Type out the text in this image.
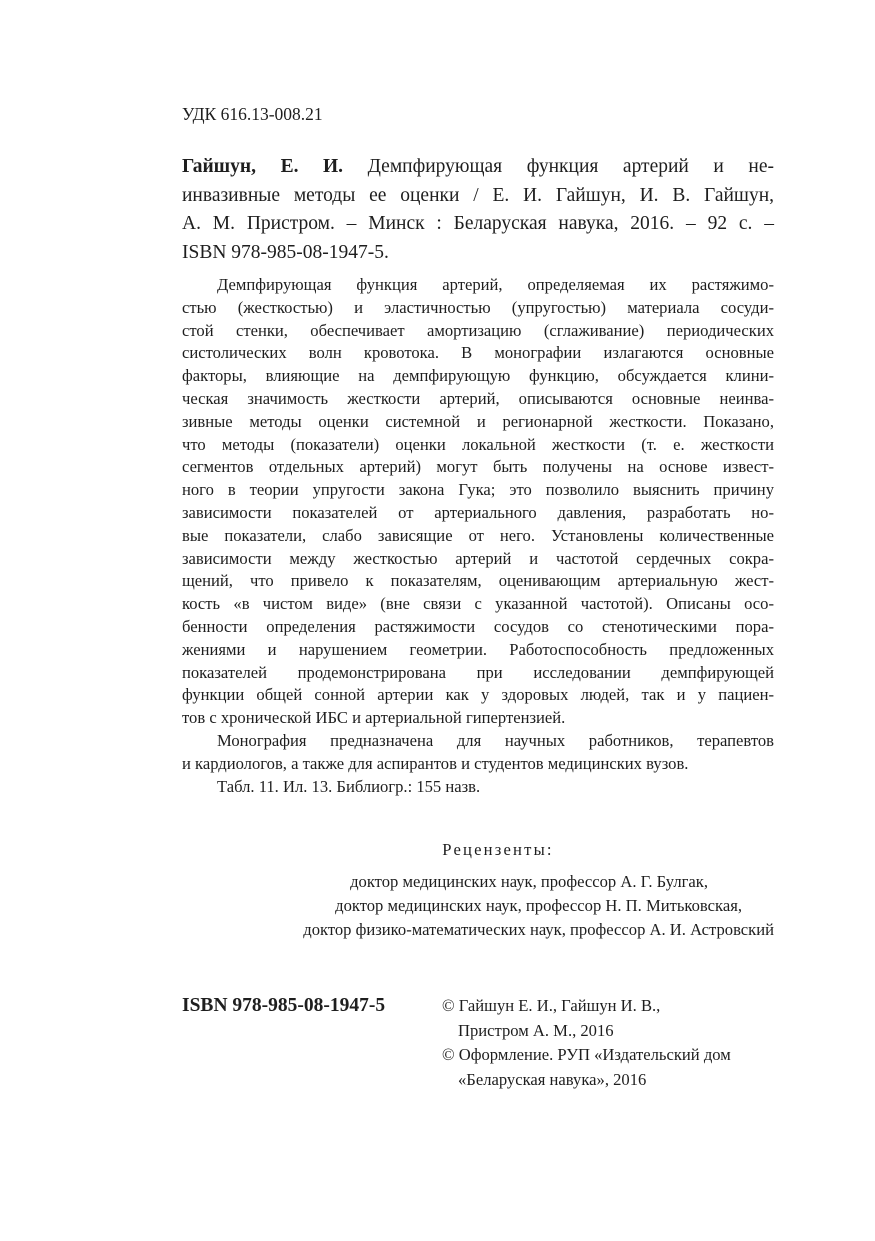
УДК 616.13-008.21
Гайшун, Е. И. Демпфирующая функция артерий и не-
инвазивные методы ее оценки / Е. И. Гайшун, И. В. Гайшун,
А. М. Пристром. – Минск : Беларуская навука, 2016. – 92 с. –
ISBN 978-985-08-1947-5.
Демпфирующая функция артерий, определяемая их растяжимо-
стью (жесткостью) и эластичностью (упругостью) материала сосуди-
стой стенки, обеспечивает амортизацию (сглаживание) периодических
систолических волн кровотока. В монографии излагаются основные
факторы, влияющие на демпфирующую функцию, обсуждается клини-
ческая значимость жесткости артерий, описываются основные неинва-
зивные методы оценки системной и регионарной жесткости. Показано,
что методы (показатели) оценки локальной жесткости (т. е. жесткости
сегментов отдельных артерий) могут быть получены на основе извест-
ного в теории упругости закона Гука; это позволило выяснить причину
зависимости показателей от артериального давления, разработать но-
вые показатели, слабо зависящие от него. Установлены количественные
зависимости между жесткостью артерий и частотой сердечных сокра-
щений, что привело к показателям, оценивающим артериальную жест-
кость «в чистом виде» (вне связи с указанной частотой). Описаны осо-
бенности определения растяжимости сосудов со стенотическими пора-
жениями и нарушением геометрии. Работоспособность предложенных
показателей продемонстрирована при исследовании демпфирующей
функции общей сонной артерии как у здоровых людей, так и у пациен-
тов с хронической ИБС и артериальной гипертензией.
Монография предназначена для научных работников, терапевтов
и кардиологов, а также для аспирантов и студентов медицинских вузов.
Табл. 11. Ил. 13. Библиогр.: 155 назв.
Рецензенты:
доктор медицинских наук, профессор А. Г. Булгак,
доктор медицинских наук, профессор Н. П. Митьковская,
доктор физико-математических наук, профессор А. И. Астровский
ISBN 978-985-08-1947-5	© Гайшун Е. И., Гайшун И. В.,
Пристром А. М., 2016
© Оформление. РУП «Издательский дом
«Беларуская навука», 2016
